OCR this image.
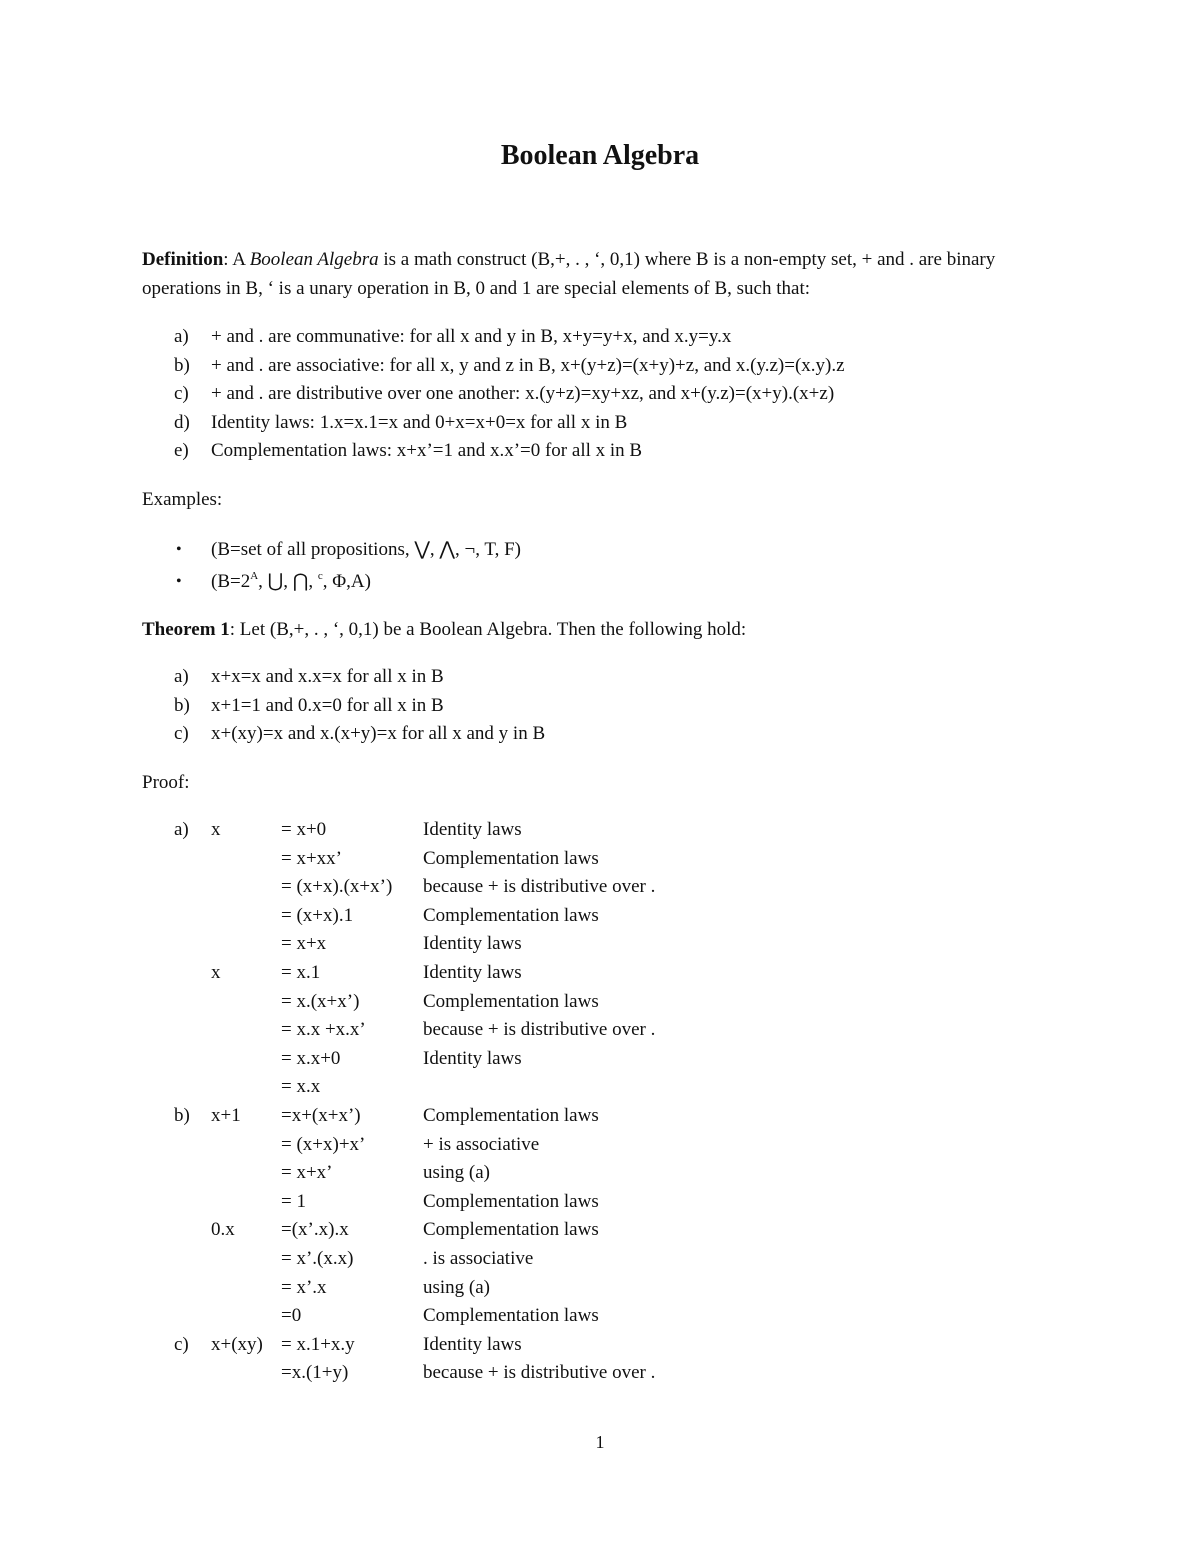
Boolean Algebra
Definition: A Boolean Algebra is a math construct (B,+, . , ‘, 0,1) where B is a non-empty set, + and . are binary operations in B, ‘ is a unary operation in B, 0 and 1 are special elements of B, such that:
a) + and . are communative: for all x and y in B, x+y=y+x, and x.y=y.x
b) + and . are associative: for all x, y and z in B, x+(y+z)=(x+y)+z, and x.(y.z)=(x.y).z
c) + and . are distributive over one another: x.(y+z)=xy+xz, and x+(y.z)=(x+y).(x+z)
d) Identity laws: 1.x=x.1=x and 0+x=x+0=x for all x in B
e) Complementation laws: x+x’=1 and x.x’=0 for all x in B
Examples:
• (B=set of all propositions, ⋁, ⋀, ¬, T, F)
• ($B=2^A$, ⋃, ⋂, $^c$, Φ,A)
Theorem 1: Let (B,+, . , ‘, 0,1) be a Boolean Algebra. Then the following hold:
a) x+x=x and x.x=x for all x in B
b) x+1=1 and 0.x=0 for all x in B
c) x+(xy)=x and x.(x+y)=x for all x and y in B
Proof:
a) x	= x+0	Identity laws
= x+xx’	Complementation laws
= (x+x).(x+x’) because + is distributive over .
= (x+x).1	Complementation laws
= x+x	Identity laws
x	= x.1	Identity laws
= x.(x+x’)	Complementation laws
= x.x +x.x’	because + is distributive over .
= x.x+0	Identity laws
= x.x
b) x+1 =x+(x+x’)	Complementation laws
= (x+x)+x’	+ is associative
= x+x’	using (a)
= 1	Complementation laws
0.x =(x’.x).x	Complementation laws
= x’.(x.x)	. is associative
= x’.x	using (a)
=0	Complementation laws
c) x+(xy) = x.1+x.y	Identity laws
=x.(1+y)	because + is distributive over .
1
